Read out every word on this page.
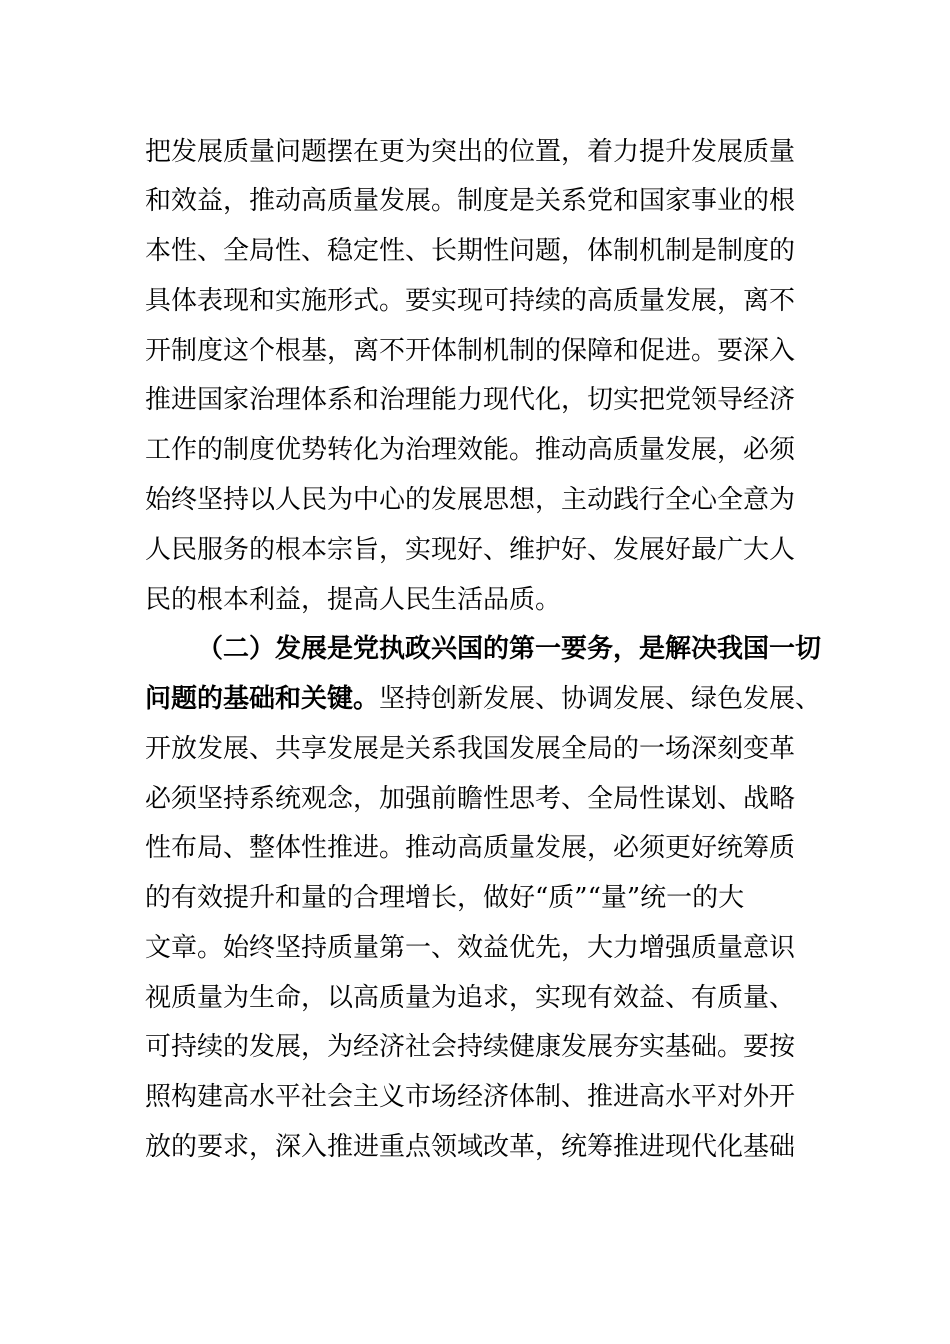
把发展质量问题摆在更为突出的位置，着力提升发展质量
和效益，推动高质量发展。制度是关系党和国家事业的根
本性、全局性、稳定性、长期性问题，体制机制是制度的
具体表现和实施形式。要实现可持续的高质量发展，离不
开制度这个根基，离不开体制机制的保障和促进。要深入
推进国家治理体系和治理能力现代化，切实把党领导经济
工作的制度优势转化为治理效能。推动高质量发展，必须
始终坚持以人民为中心的发展思想，主动践行全心全意为
人民服务的根本宗旨，实现好、维护好、发展好最广大人
民的根本利益，提高人民生活品质。
（二）发展是党执政兴国的第一要务，是解决我国一切
问题的基础和关键。坚持创新发展、协调发展、绿色发展、
开放发展、共享发展是关系我国发展全局的一场深刻变革
必须坚持系统观念，加强前瞻性思考、全局性谋划、战略
性布局、整体性推进。推动高质量发展，必须更好统筹质
的有效提升和量的合理增长，做好“质”“量”统一的大
文章。始终坚持质量第一、效益优先，大力增强质量意识
视质量为生命，以高质量为追求，实现有效益、有质量、
可持续的发展，为经济社会持续健康发展夯实基础。要按
照构建高水平社会主义市场经济体制、推进高水平对外开
放的要求，深入推进重点领域改革，统筹推进现代化基础
